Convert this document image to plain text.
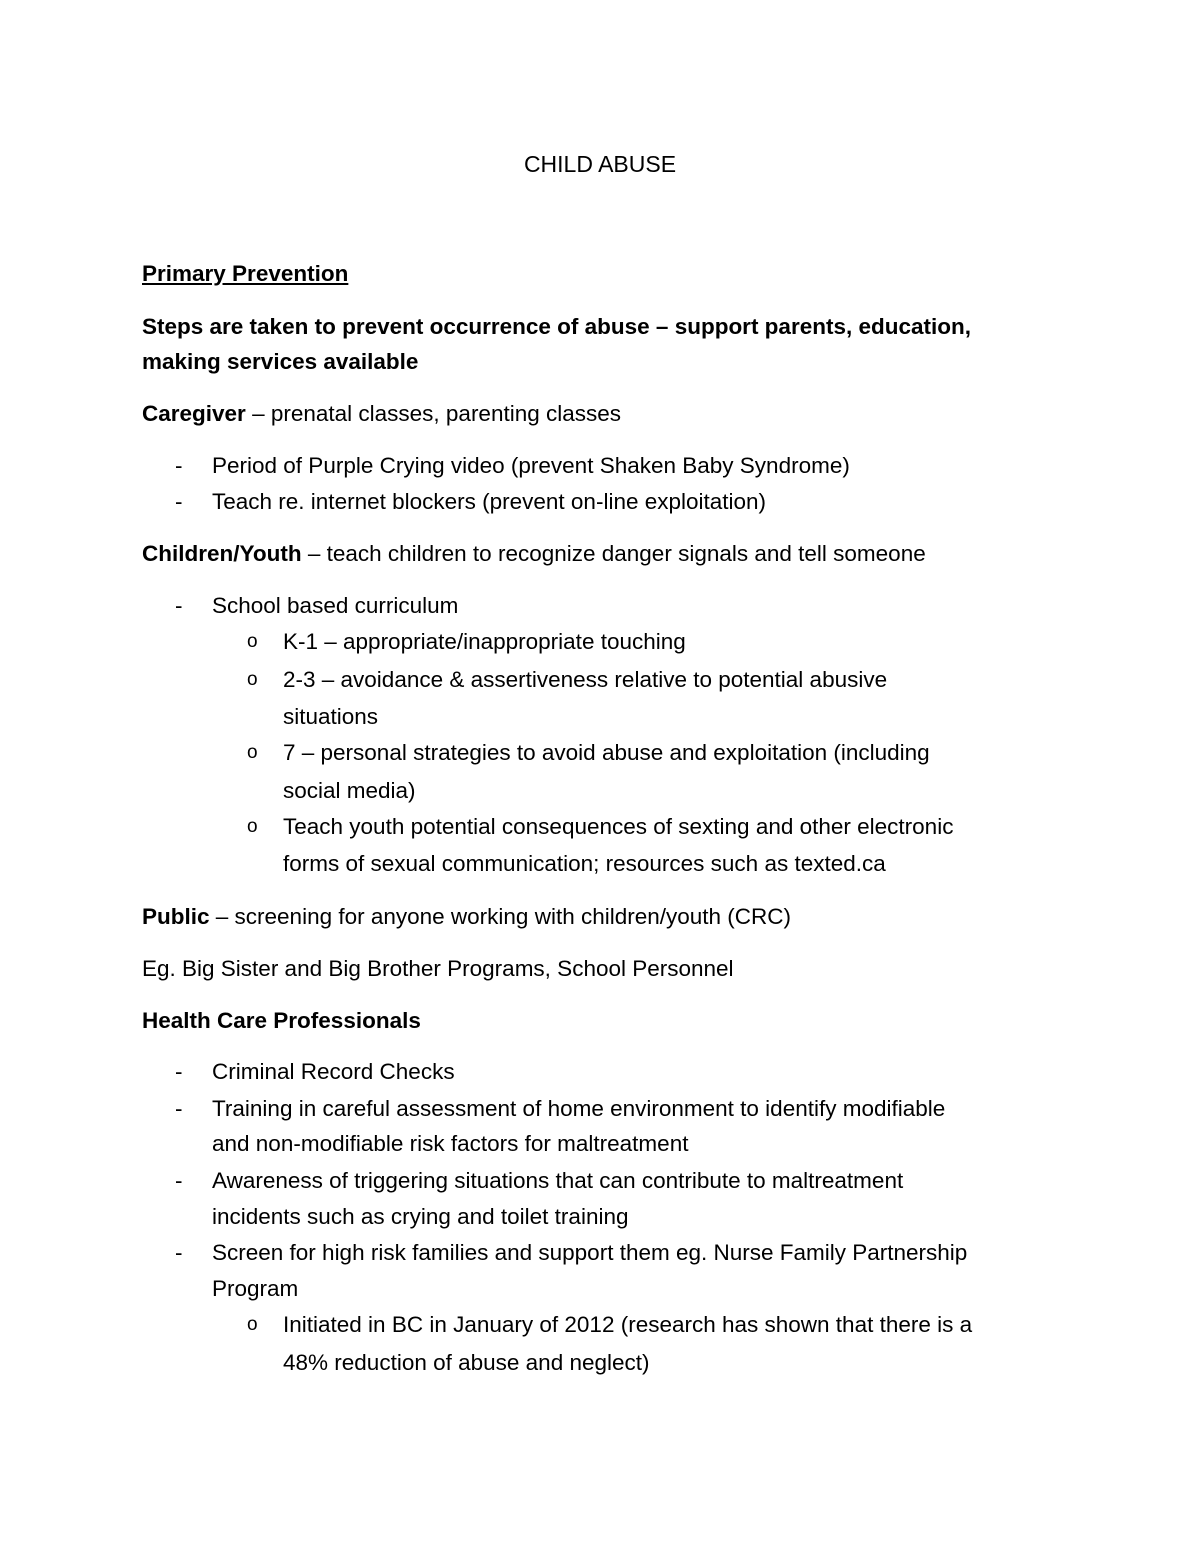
CHILD ABUSE
Primary Prevention
Steps are taken to prevent occurrence of abuse – support parents, education,
making services available
Caregiver – prenatal classes, parenting classes
- Period of Purple Crying video (prevent Shaken Baby Syndrome)
- Teach re. internet blockers (prevent on-line exploitation)
Children/Youth – teach children to recognize danger signals and tell someone
- School based curriculum
o K-1 – appropriate/inappropriate touching
o 2-3 – avoidance & assertiveness relative to potential abusive
situations
o 7 – personal strategies to avoid abuse and exploitation (including
social media)
o Teach youth potential consequences of sexting and other electronic
forms of sexual communication; resources such as texted.ca
Public – screening for anyone working with children/youth (CRC)
Eg. Big Sister and Big Brother Programs, School Personnel
Health Care Professionals
- Criminal Record Checks
- Training in careful assessment of home environment to identify modifiable
and non-modifiable risk factors for maltreatment
- Awareness of triggering situations that can contribute to maltreatment
incidents such as crying and toilet training
- Screen for high risk families and support them eg. Nurse Family Partnership
Program
o Initiated in BC in January of 2012 (research has shown that there is a
48% reduction of abuse and neglect)
